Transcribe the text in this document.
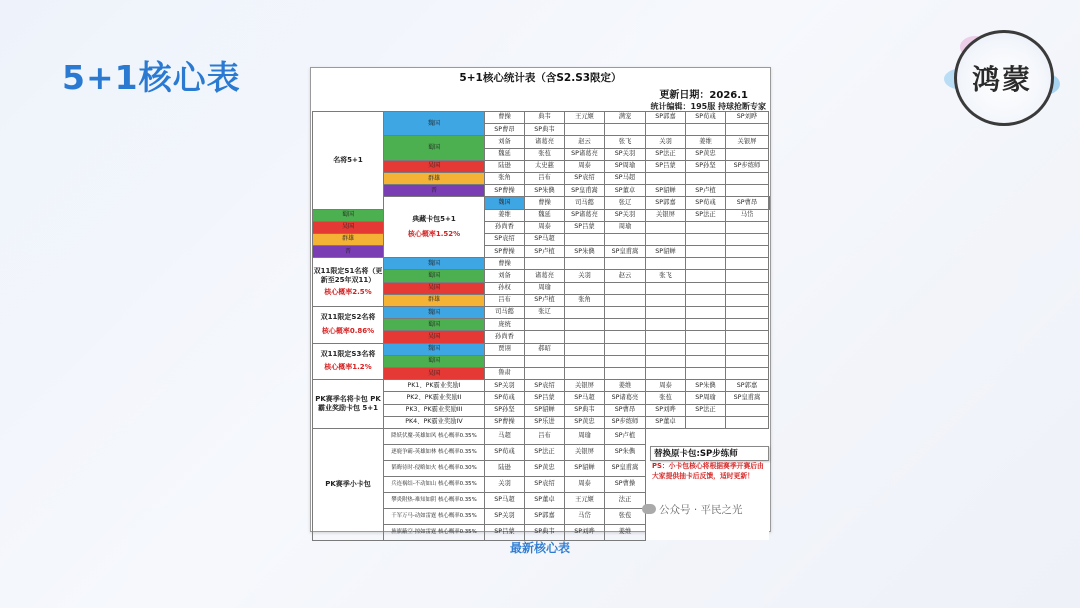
5+1核心表	鸿蒙
5+1核心统计表（含S2.S3限定）
更新日期：2026.1
统计编辑：195服 持球抢断专家
名将5+1	魏国	曹操	典韦	王元姬	满宠	SP郭嘉	SP荀彧	SP刘晔	
		SP曹昂	SP典韦						
	蜀国	刘备	诸葛亮	赵云	张飞	关羽	姜维	关银屏	
		魏延	张苞	SP诸葛亮	SP关羽	SP法正	SP黄忠		
	吴国	陆逊	太史慈	周泰	SP周瑜	SP吕蒙	SP孙坚	SP步练师	
	群雄	张角	吕布	SP袁绍	SP马超				
	晋	SP曹操	SP朱儁	SP皇甫嵩	SP董卓	SP貂蝉	SP卢植		
	典藏卡包5+1
核心概率1.52%	魏国	曹操	司马懿	张辽	SP郭嘉	SP荀彧	SP曹昂	
蜀国		姜维	魏延	SP诸葛亮	SP关羽	关银屏	SP法正	马岱	
吴国		孙尚香	周泰	SP吕蒙	周瑜				
群雄		SP袁绍	SP马超						
晋		SP曹操	SP卢植	SP朱儁	SP皇甫嵩	SP貂蝉			
双11限定S1名将（更新至25年双11）
核心概率2.5%	魏国	曹操							
	蜀国	刘备	诸葛亮	关羽	赵云	张飞			
	吴国	孙权	周瑜						
	群雄	吕布	SP卢植	张角					
双11限定S2名将
核心概率0.86%	魏国	司马懿	张辽						
	蜀国	庞统							
	吴国	孙尚香							
双11限定S3名将
核心概率1.2%	魏国	贾诩	郝昭						
	蜀国								
	吴国	鲁肃							
PK赛季名将卡包 PK霸业奖励卡包 5+1	PK1、PK霸业奖励I	SP关羽	SP袁绍	关银屏	姜维	周泰	SP朱儁	SP郭嘉	
	PK2、PK霸业奖励II	SP荀彧	SP吕蒙	SP马超	SP诸葛亮	张苞	SP周瑜	SP皇甫嵩	
	PK3、PK霸业奖励III	SP孙坚	SP貂蝉	SP典韦	SP曹昂	SP刘晔	SP法正		
	PK4、PK霸业奖励IV	SP曹操	SP乐进	SP黄忠	SP步练师	SP董卓			
PK赛季小卡包	降妖伏魔-英雄如风 核心概率0.35%	马超	吕布	周瑜	SP卢植				
	逐鹿争霸-英雄如林 核心概率0.35%	SP荀彧	SP法正	关银屏	SP朱儁				
	韬晦待时-侵略如火 核心概率0.30%	陆逊	SP黄忠	SP貂蝉	SP皇甫嵩				
	兵连祸结-不动如山 核心概率0.35%	关羽	SP袁绍	周泰	SP曹操				
	攀炎附热-难知如阴 核心概率0.35%	SP马超	SP董卓	王元姬	法正				
	千军万马-动如雷霆 核心概率0.35%	SP关羽	SP郭嘉	马岱	张苞				
	旌旗蔽空-掠如雷霆 核心概率0.35%	SP吕蒙	SP典韦	SP刘晔	姜维				
替换原卡包:SP步练师
PS：小卡包核心将根据赛季开赛后由大家提供抽卡后反馈，适时更新！
公众号 · 平民之光
最新核心表
